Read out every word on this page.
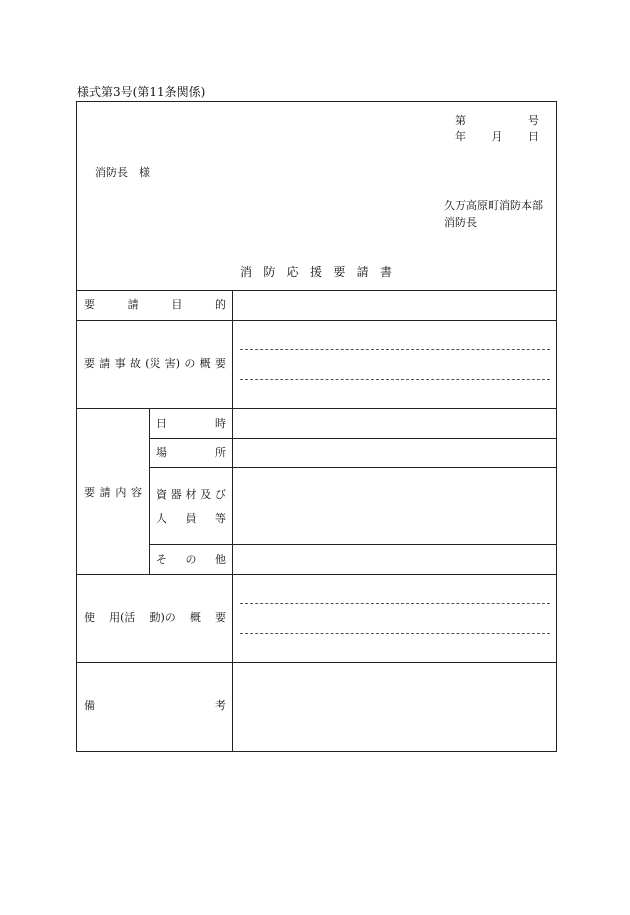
様式第3号(第11条関係)
第	号
年 月 日
消防長　様
久万高原町消防本部
消防長
消 防 応 援 要 請 書
要	請	目	的
要 請 事 故 (災 害) の 概 要
要 請 内 容
日	時
場	所
資 器 材 及 び
人 員 等
そ の 他
使 用(活 動)の 概 要
備	考
